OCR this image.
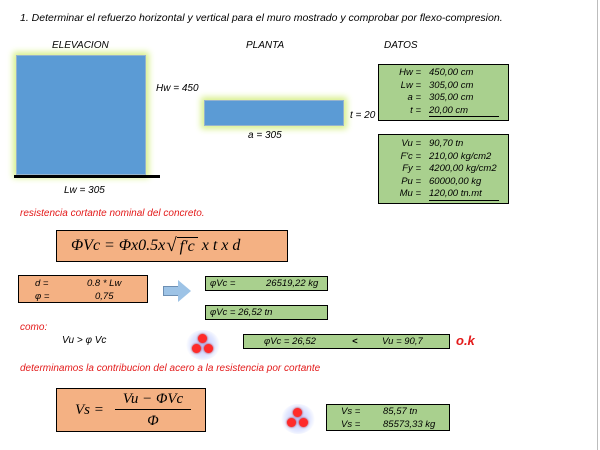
1. Determinar el refuerzo horizontal y vertical para el muro mostrado y comprobar por flexo-compresion.
ELEVACION	PLANTA	DATOS
Hw = 450
Lw = 305
t = 20
a = 305
Hw = 450,00 cm
Lw = 305,00 cm
a = 305,00 cm
t = 20,00 cm
Vu = 90,70 tn
F'c = 210,00 kg/cm2
Fy = 4200,00 kg/cm2
Pu = 60000,00 kg
Mu = 120,00 tn.mt
resistencia cortante nominal del concreto.
ΦVc = Φx0.5x √ f′c x t x d
d =	0.8 * Lw
φ =	0,75
φVc =	26519,22 kg
φVc = 26,52 tn
como:
Vu > φ Vc	φVc = 26,52	<	Vu = 90,7	o.k
determinamos la contribucion del acero a la resistencia por cortante
Vs =
Vu − ΦVc
Φ
Vs =	85,57 tn
Vs =	85573,33 kg
